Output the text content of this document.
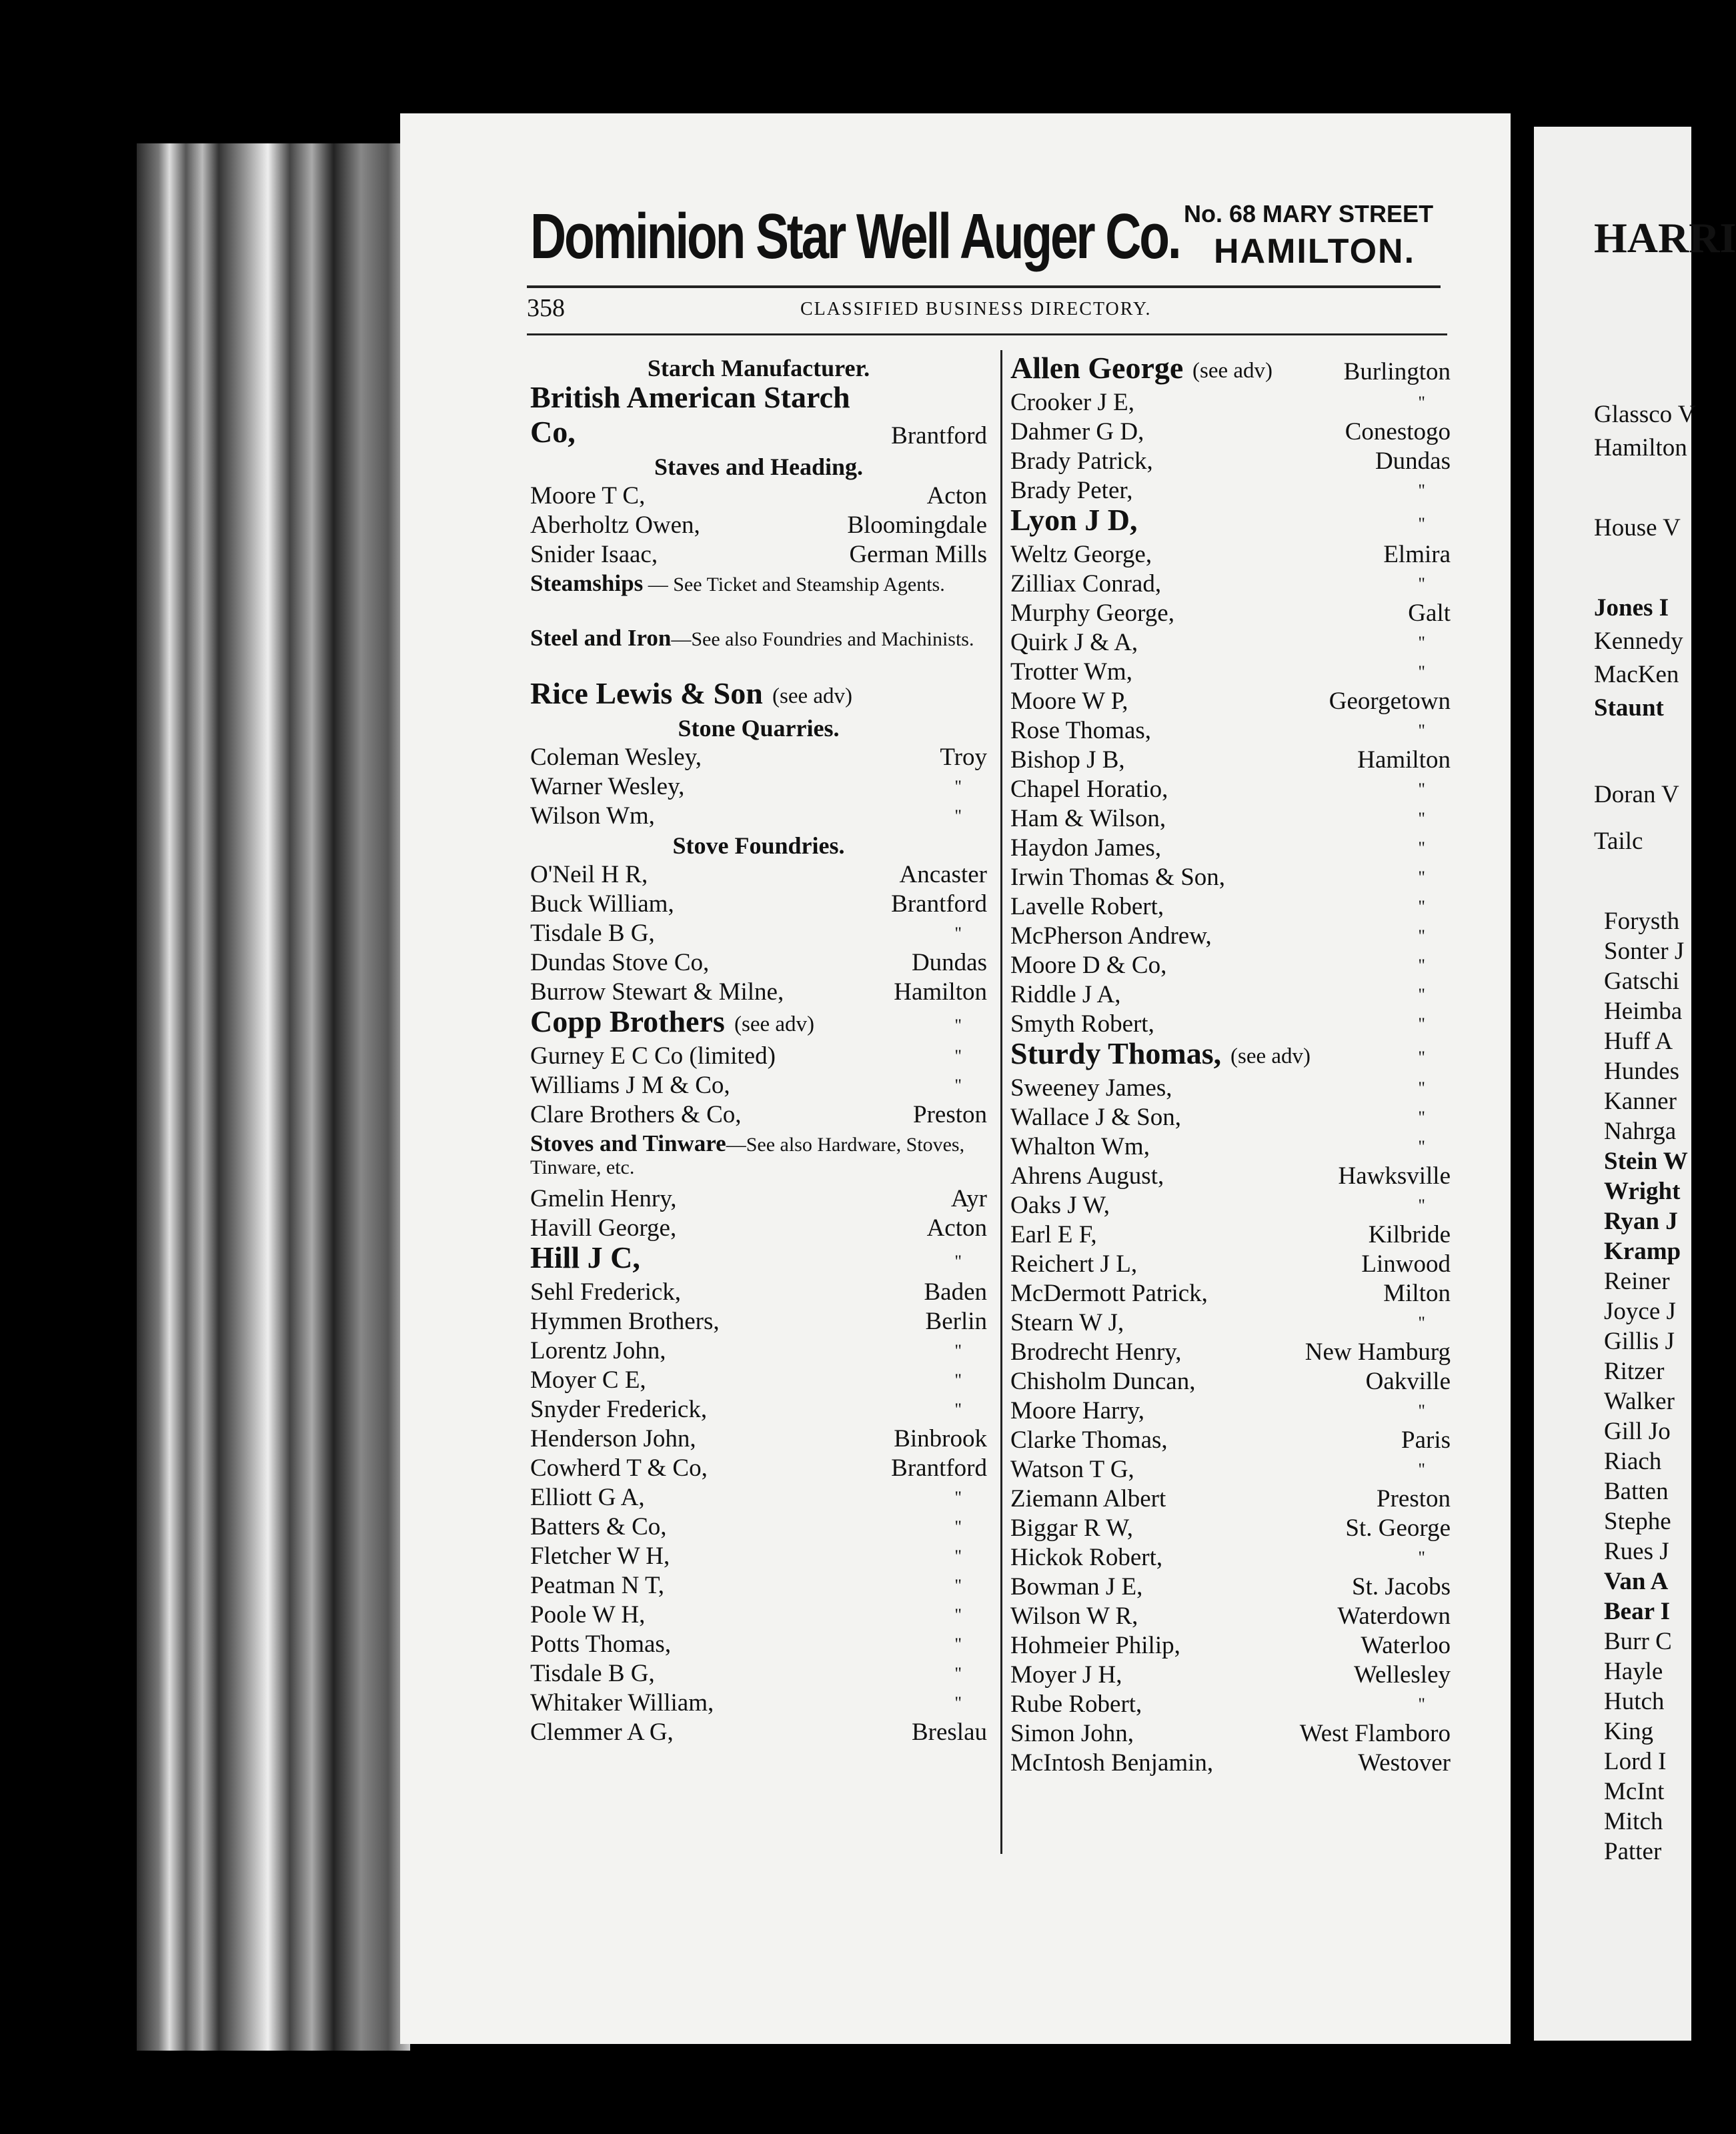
Dominion Star Well Auger Co. No. 68 MARY STREET
HAMILTON.
358	CLASSIFIED BUSINESS DIRECTORY.
Starch Manufacturer.
British American Starch
Co,	Brantford
Staves and Heading.
Moore T C,	Acton
Aberholtz Owen,	Bloomingdale
Snider Isaac,	German Mills
Steamships — See Ticket and Steamship Agents.
Steel and Iron—See also Foundries and Machinists.
Rice Lewis & Son (see adv)
Stone Quarries.
Coleman Wesley,	Troy
Warner Wesley,	"
Wilson Wm,	"
Stove Foundries.
O'Neil H R,	Ancaster
Buck William,	Brantford
Tisdale B G,	"
Dundas Stove Co,	Dundas
Burrow Stewart & Milne,	Hamilton
Copp Brothers (see adv)	"
Gurney E C Co (limited)	"
Williams J M & Co,	"
Clare Brothers & Co,	Preston
Stoves and Tinware—See also Hardware, Stoves, Tinware, etc.
Gmelin Henry,	Ayr
Havill George,	Acton
Hill J C,	"
Sehl Frederick,	Baden
Hymmen Brothers,	Berlin
Lorentz John,	"
Moyer C E,	"
Snyder Frederick,	"
Henderson John,	Binbrook
Cowherd T & Co,	Brantford
Elliott G A,	"
Batters & Co,	"
Fletcher W H,	"
Peatman N T,	"
Poole W H,	"
Potts Thomas,	"
Tisdale B G,	"
Whitaker William,	"
Clemmer A G,	Breslau
Allen George (see adv)	Burlington
Crooker J E,	"
Dahmer G D,	Conestogo
Brady Patrick,	Dundas
Brady Peter,	"
Lyon J D,	"
Weltz George,	Elmira
Zilliax Conrad,	"
Murphy George,	Galt
Quirk J & A,	"
Trotter Wm,	"
Moore W P,	Georgetown
Rose Thomas,	"
Bishop J B,	Hamilton
Chapel Horatio,	"
Ham & Wilson,	"
Haydon James,	"
Irwin Thomas & Son,	"
Lavelle Robert,	"
McPherson Andrew,	"
Moore D & Co,	"
Riddle J A,	"
Smyth Robert,	"
Sturdy Thomas, (see adv)	"
Sweeney James,	"
Wallace J & Son,	"
Whalton Wm,	"
Ahrens August,	Hawksville
Oaks J W,	"
Earl E F,	Kilbride
Reichert J L,	Linwood
McDermott Patrick,	Milton
Stearn W J,	"
Brodrecht Henry,	New Hamburg
Chisholm Duncan,	Oakville
Moore Harry,	"
Clarke Thomas,	Paris
Watson T G,	"
Ziemann Albert	Preston
Biggar R W,	St. George
Hickok Robert,	"
Bowman J E,	St. Jacobs
Wilson W R,	Waterdown
Hohmeier Philip,	Waterloo
Moyer J H,	Wellesley
Rube Robert,	"
Simon John,	West Flamboro
McIntosh Benjamin,	Westover
HARRI
Glassco V
Hamilton
House V
Jones I
Kennedy
MacKen
Staunt
Doran V
Tailc
Forysth
Sonter J
Gatschi
Heimba
Huff A
Hundes
Kanner
Nahrga
Stein W
Wright
Ryan J
Kramp
Reiner
Joyce J
Gillis J
Ritzer
Walker
Gill Jo
Riach
Batten
Stephe
Rues J
Van A
Bear I
Burr C
Hayle
Hutch
King
Lord I
McInt
Mitch
Patter
